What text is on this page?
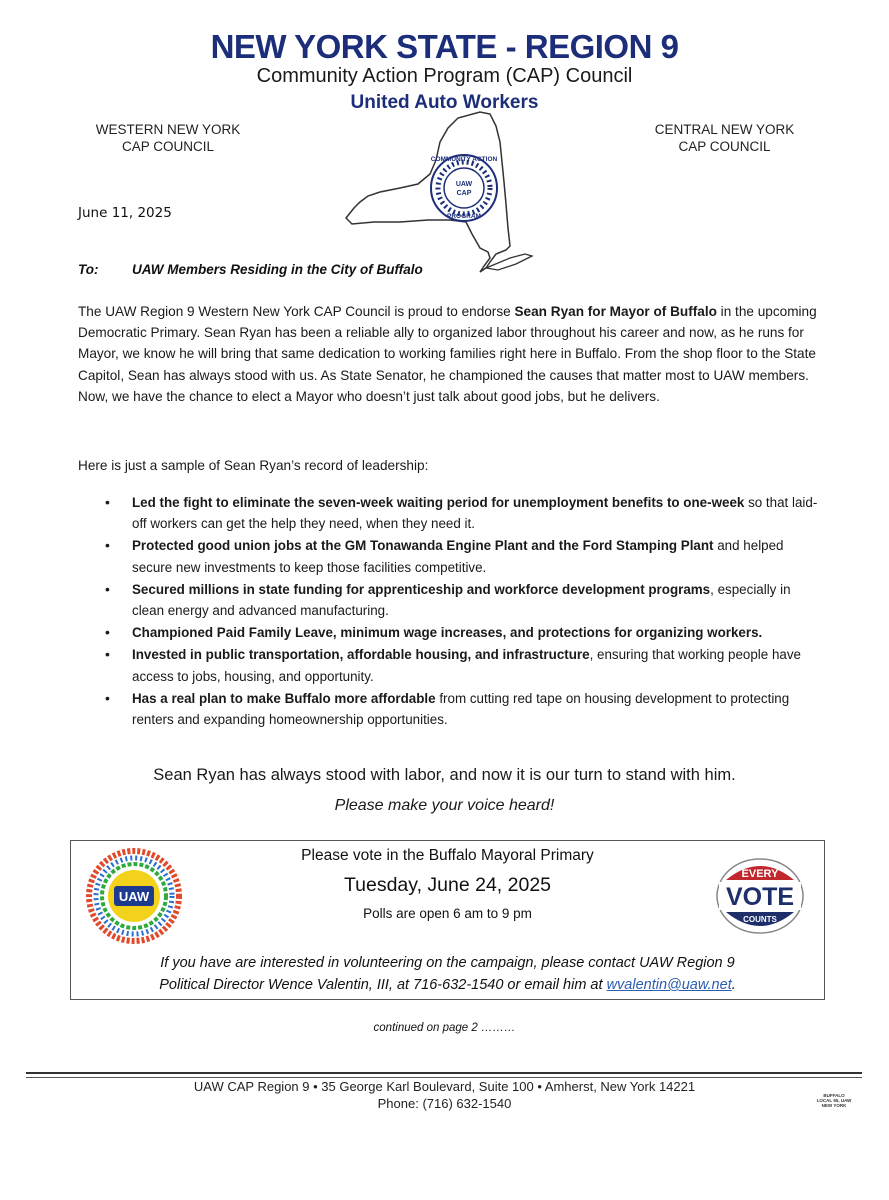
NEW YORK STATE - REGION 9
Community Action Program (CAP) Council
United Auto Workers
WESTERN NEW YORK
CAP COUNCIL
CENTRAL NEW YORK
CAP COUNCIL
UAW
CAP
COMMUNITY ACTION
PROGRAM
June 11, 2025
To: UAW Members Residing in the City of Buffalo
The UAW Region 9 Western New York CAP Council is proud to endorse Sean Ryan for Mayor of Buffalo in the upcoming Democratic Primary. Sean Ryan has been a reliable ally to organized labor throughout his career and now, as he runs for Mayor, we know he will bring that same dedication to working families right here in Buffalo. From the shop floor to the State Capitol, Sean has always stood with us. As State Senator, he championed the causes that matter most to UAW members. Now, we have the chance to elect a Mayor who doesn’t just talk about good jobs, but he delivers.
Here is just a sample of Sean Ryan’s record of leadership:
• Led the fight to eliminate the seven-week waiting period for unemployment benefits to one-week so that laid-off workers can get the help they need, when they need it.
• Protected good union jobs at the GM Tonawanda Engine Plant and the Ford Stamping Plant and helped secure new investments to keep those facilities competitive.
• Secured millions in state funding for apprenticeship and workforce development programs, especially in clean energy and advanced manufacturing.
• Championed Paid Family Leave, minimum wage increases, and protections for organizing workers.
• Invested in public transportation, affordable housing, and infrastructure, ensuring that working people have access to jobs, housing, and opportunity.
• Has a real plan to make Buffalo more affordable from cutting red tape on housing development to protecting renters and expanding homeownership opportunities.
Sean Ryan has always stood with labor, and now it is our turn to stand with him.
Please make your voice heard!
UAW
Please vote in the Buffalo Mayoral Primary
Tuesday, June 24, 2025
Polls are open 6 am to 9 pm
EVERY
VOTE
COUNTS
If you have are interested in volunteering on the campaign, please contact UAW Region 9
Political Director Wence Valentin, III, at 716-632-1540 or email him at wvalentin@uaw.net.
continued on page 2 ………
UAW CAP Region 9 • 35 George Karl Boulevard, Suite 100 • Amherst, New York 14221
Phone: (716) 632-1540
BUFFALO
LOCAL 55, UAW
NEW YORK
